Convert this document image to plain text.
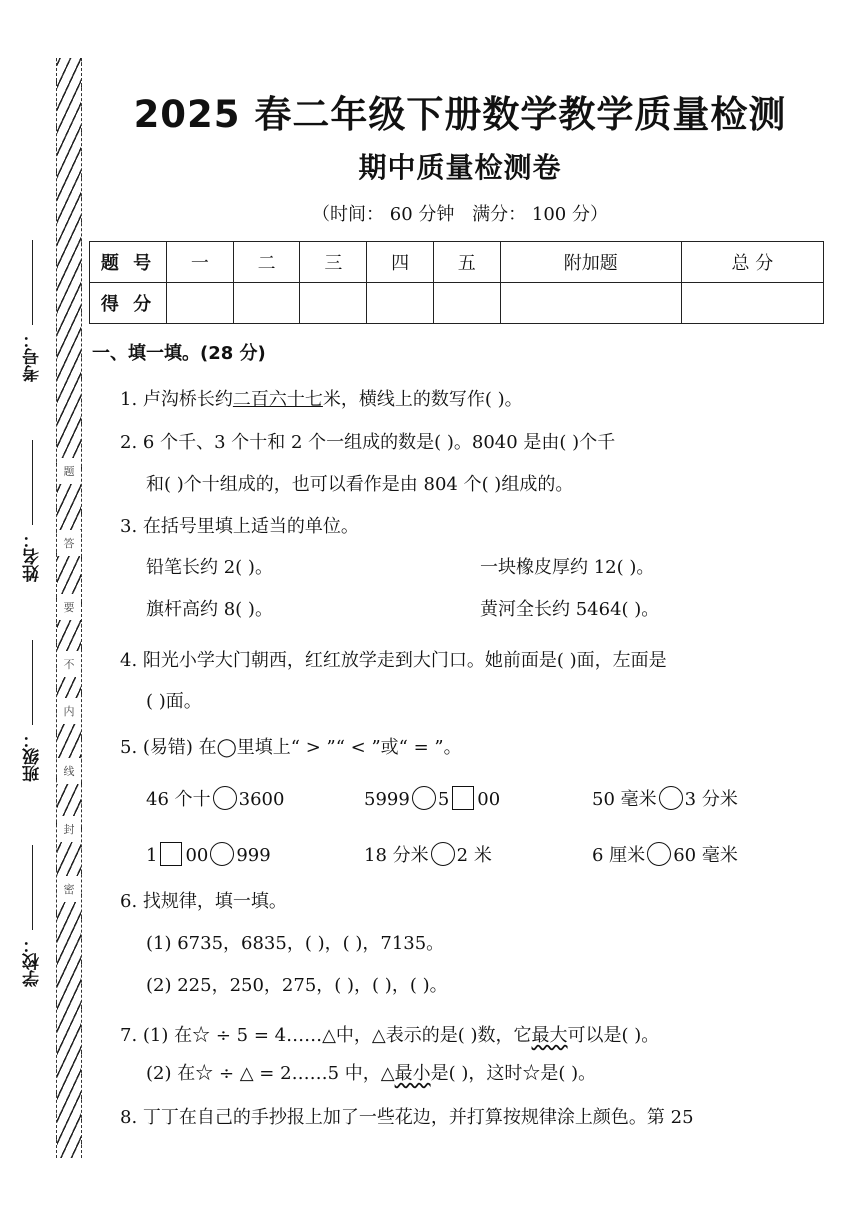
题
答
要
不
内
线
封
密
考号：
姓名：
班级：
学校：
2025 春二年级下册数学教学质量检测
期中质量检测卷
（时间： 60 分钟 满分： 100 分）
题 号	一	二	三	四	五	附加题	总 分
得 分							
一、填一填。(28 分)
1. 卢沟桥长约二百六十七米，横线上的数写作( )。
2. 6 个千、3 个十和 2 个一组成的数是( )。8040 是由( )个千
和( )个十组成的，也可以看作是由 804 个( )组成的。
3. 在括号里填上适当的单位。
铅笔长约 2( )。	一块橡皮厚约 12( )。
旗杆高约 8( )。	黄河全长约 5464( )。
4. 阳光小学大门朝西，红红放学走到大门口。她前面是( )面，左面是
( )面。
5. (易错) 在◯里填上“ > ”“ < ”或“ = ”。
46 个十 3600	5999 5 00	50 毫米 3 分米
1 00 999	18 分米 2 米	6 厘米 60 毫米
6. 找规律，填一填。
(1) 6735，6835，( )，( )，7135。
(2) 225，250，275，( )，( )，( )。
7. (1) 在☆ ÷ 5 = 4……△中，△表示的是( )数，它最大可以是( )。
(2) 在☆ ÷ △ = 2……5 中，△最小是( )，这时☆是( )。
8. 丁丁在自己的手抄报上加了一些花边，并打算按规律涂上颜色。第 25
